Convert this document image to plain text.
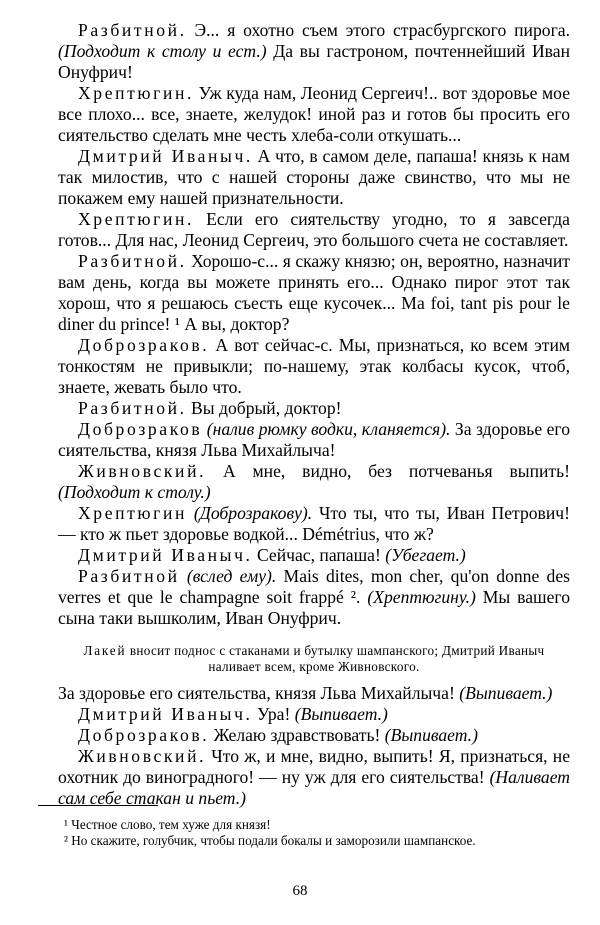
Разбитной. Э... я охотно съем этого страсбургского пирога. (Подходит к столу и ест.) Да вы гастроном, почтеннейший Иван Онуфрич!

Хрептюгин. Уж куда нам, Леонид Сергеич!.. вот здоровье мое все плохо... все, знаете, желудок! иной раз и готов бы просить его сиятельство сделать мне честь хлеба-соли откушать...

Дмитрий Иваныч. А что, в самом деле, папаша! князь к нам так милостив, что с нашей стороны даже свинство, что мы не покажем ему нашей признательности.

Хрептюгин. Если его сиятельству угодно, то я завсегда готов... Для нас, Леонид Сергеич, это большого счета не составляет.

Разбитной. Хорошо-с... я скажу князю; он, вероятно, назначит вам день, когда вы можете принять его... Однако пирог этот так хорош, что я решаюсь съесть еще кусочек... Ma foi, tant pis pour le diner du prince! ¹ А вы, доктор?

Доброзраков. А вот сейчас-с. Мы, признаться, ко всем этим тонкостям не привыкли; по-нашему, этак колбасы кусок, чтоб, знаете, жевать было что.

Разбитной. Вы добрый, доктор!

Доброзраков (налив рюмку водки, кланяется). За здоровье его сиятельства, князя Льва Михайлыча!

Живновский. А мне, видно, без потчеванья выпить! (Подходит к столу.)

Хрептюгин (Доброзракову). Что ты, что ты, Иван Петрович! — кто ж пьет здоровье водкой... Démétrius, что ж?

Дмитрий Иваныч. Сейчас, папаша! (Убегает.)

Разбитной (вслед ему). Mais dites, mon cher, qu'on donne des verres et que le champagne soit frappé ². (Хрептюгину.) Мы вашего сына таки вышколим, Иван Онуфрич.

Лакей вносит поднос с стаканами и бутылку шампанского; Дмитрий Иваныч наливает всем, кроме Живновского.

За здоровье его сиятельства, князя Льва Михайлыча! (Выпивает.)

Дмитрий Иваныч. Ура! (Выпивает.)

Доброзраков. Желаю здравствовать! (Выпивает.)

Живновский. Что ж, и мне, видно, выпить! Я, признаться, не охотник до виноградного! — ну уж для его сиятельства! (Наливает сам себе стакан и пьет.)

¹ Честное слово, тем хуже для князя!

² Но скажите, голубчик, чтобы подали бокалы и заморозили шампанское.

68
